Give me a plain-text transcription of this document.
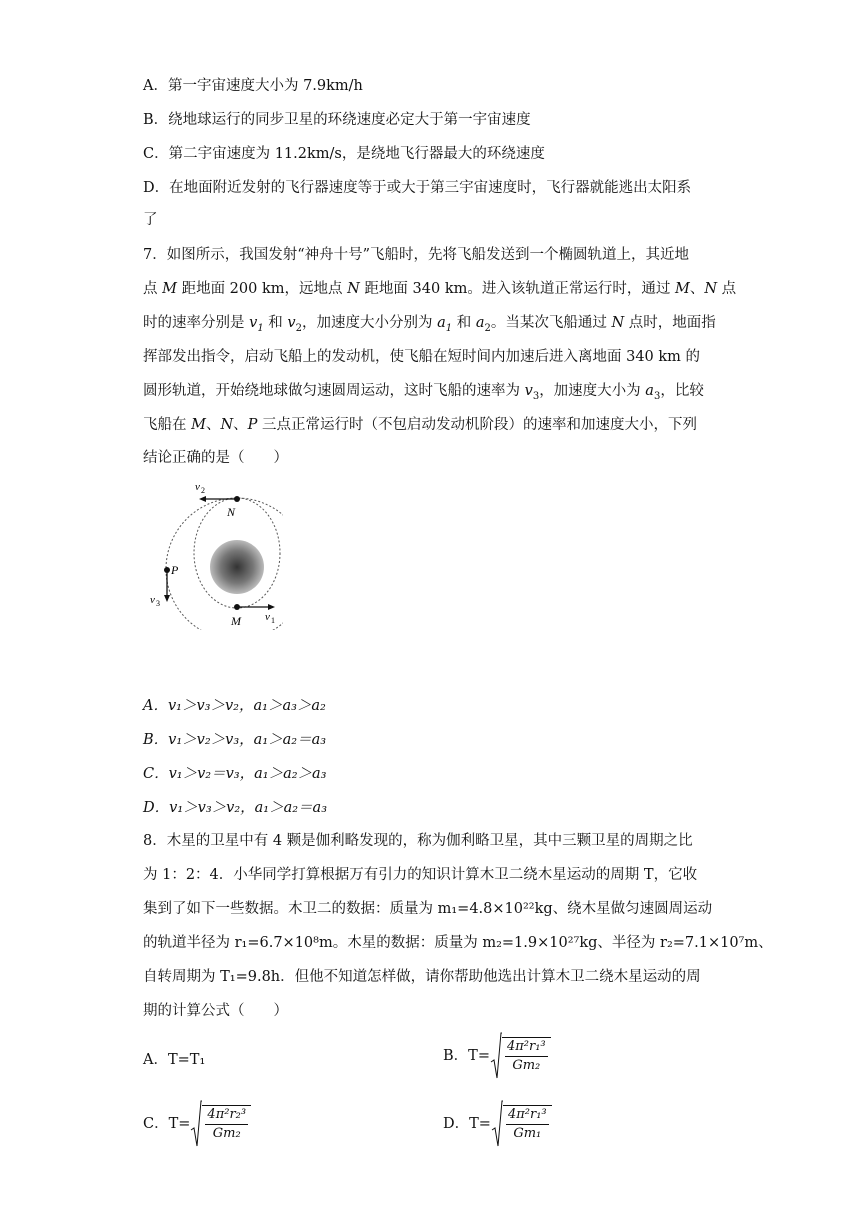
A．第一宇宙速度大小为 7.9km/h
B．绕地球运行的同步卫星的环绕速度必定大于第一宇宙速度
C．第二宇宙速度为 11.2km/s，是绕地飞行器最大的环绕速度
D．在地面附近发射的飞行器速度等于或大于第三宇宙速度时，飞行器就能逃出太阳系
了
7．如图所示，我国发射“神舟十号”飞船时，先将飞船发送到一个椭圆轨道上，其近地
点 M 距地面 200 km，远地点 N 距地面 340 km。进入该轨道正常运行时，通过 M、N 点
时的速率分别是 $v_1$ 和 $v_2$，加速度大小分别为 $a_1$ 和 $a_2$。当某次飞船通过 N 点时，地面指
挥部发出指令，启动飞船上的发动机，使飞船在短时间内加速后进入离地面 340 km 的
圆形轨道，开始绕地球做匀速圆周运动，这时飞船的速率为 $v_3$，加速度大小为 $a_3$，比较
飞船在 M、N、P 三点正常运行时（不包启动发动机阶段）的速率和加速度大小，下列
结论正确的是（　　）
v 2
N
P
v 3
M v 1
A．v₁＞v₃＞v₂，a₁＞a₃＞a₂
B．v₁＞v₂＞v₃，a₁＞a₂＝a₃
C．v₁＞v₂＝v₃，a₁＞a₂＞a₃
D．v₁＞v₃＞v₂，a₁＞a₂＝a₃
8．木星的卫星中有 4 颗是伽利略发现的，称为伽利略卫星，其中三颗卫星的周期之比
为 1：2：4．小华同学打算根据万有引力的知识计算木卫二绕木星运动的周期 T，它收
集到了如下一些数据。木卫二的数据：质量为 m₁=4.8×10²²kg、绕木星做匀速圆周运动
的轨道半径为 r₁=6.7×10⁸m。木星的数据：质量为 m₂=1.9×10²⁷kg、半径为 r₂=7.1×10⁷m、
自转周期为 T₁=9.8h．但他不知道怎样做，请你帮助他选出计算木卫二绕木星运动的周
期的计算公式（　　）
A．T=T₁	B．$T= \frac{\text{4π²r₁³}}{\text{Gm₂}}$
C．$T= \frac{\text{4π²r₂³}}{\text{Gm₂}}$	D．$T= \frac{\text{4π²r₁³}}{\text{Gm₁}}$
